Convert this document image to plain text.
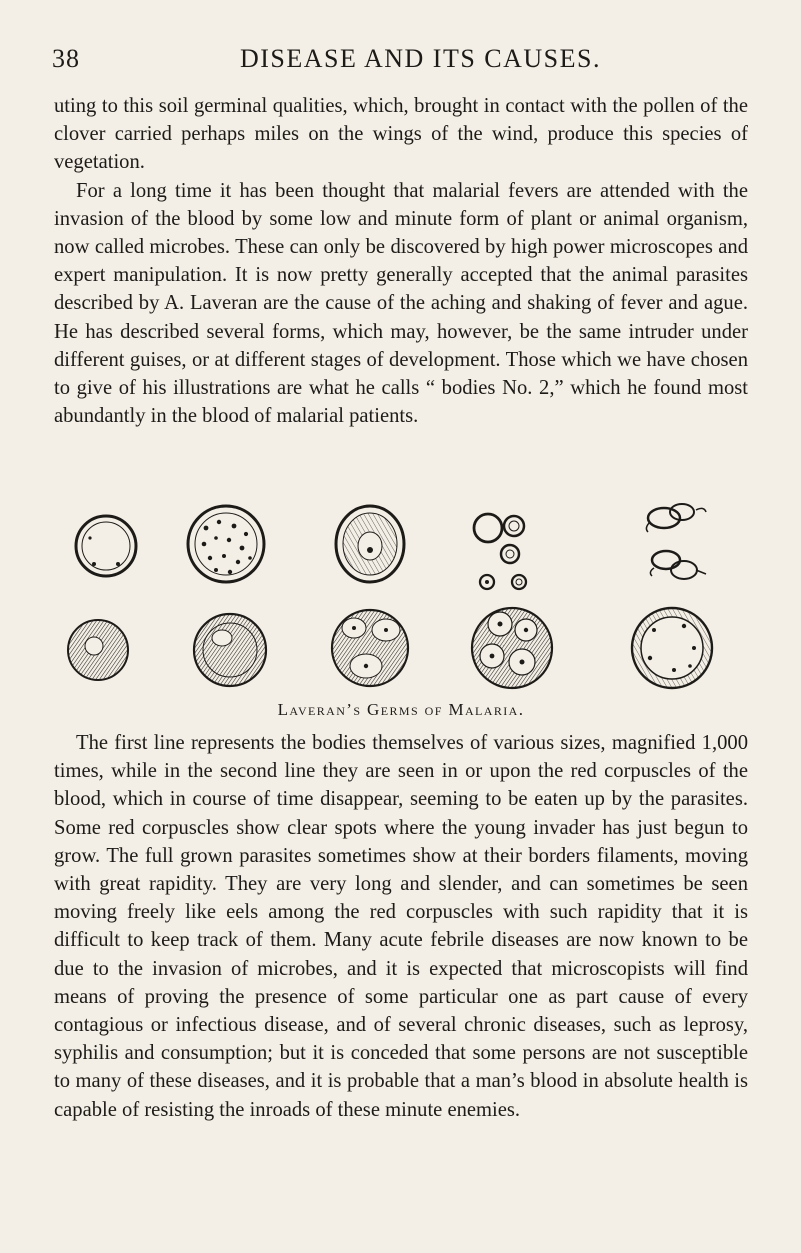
38	DISEASE AND ITS CAUSES.

uting to this soil germinal qualities, which, brought in contact with the pollen of the clover carried perhaps miles on the wings of the wind, produce this species of vegetation.

For a long time it has been thought that malarial fevers are attended with the invasion of the blood by some low and minute form of plant or animal organism, now called microbes. These can only be discovered by high power microscopes and expert manipulation. It is now pretty generally accepted that the animal parasites described by A. Laveran are the cause of the aching and shaking of fever and ague. He has described several forms, which may, however, be the same intruder under different guises, or at different stages of development. Those which we have chosen to give of his illustrations are what he calls “ bodies No. 2,” which he found most abundantly in the blood of malarial patients.

Laveran’s Germs of Malaria.

The first line represents the bodies themselves of various sizes, magnified 1,000 times, while in the second line they are seen in or upon the red corpuscles of the blood, which in course of time disappear, seeming to be eaten up by the parasites. Some red corpuscles show clear spots where the young invader has just begun to grow. The full grown parasites sometimes show at their borders filaments, moving with great rapidity. They are very long and slender, and can sometimes be seen moving freely like eels among the red corpuscles with such rapidity that it is difficult to keep track of them. Many acute febrile diseases are now known to be due to the invasion of microbes, and it is expected that microscopists will find means of proving the presence of some particular one as part cause of every contagious or infectious disease, and of several chronic diseases, such as leprosy, syphilis and consumption; but it is conceded that some persons are not susceptible to many of these diseases, and it is probable that a man’s blood in absolute health is capable of resisting the inroads of these minute enemies.
